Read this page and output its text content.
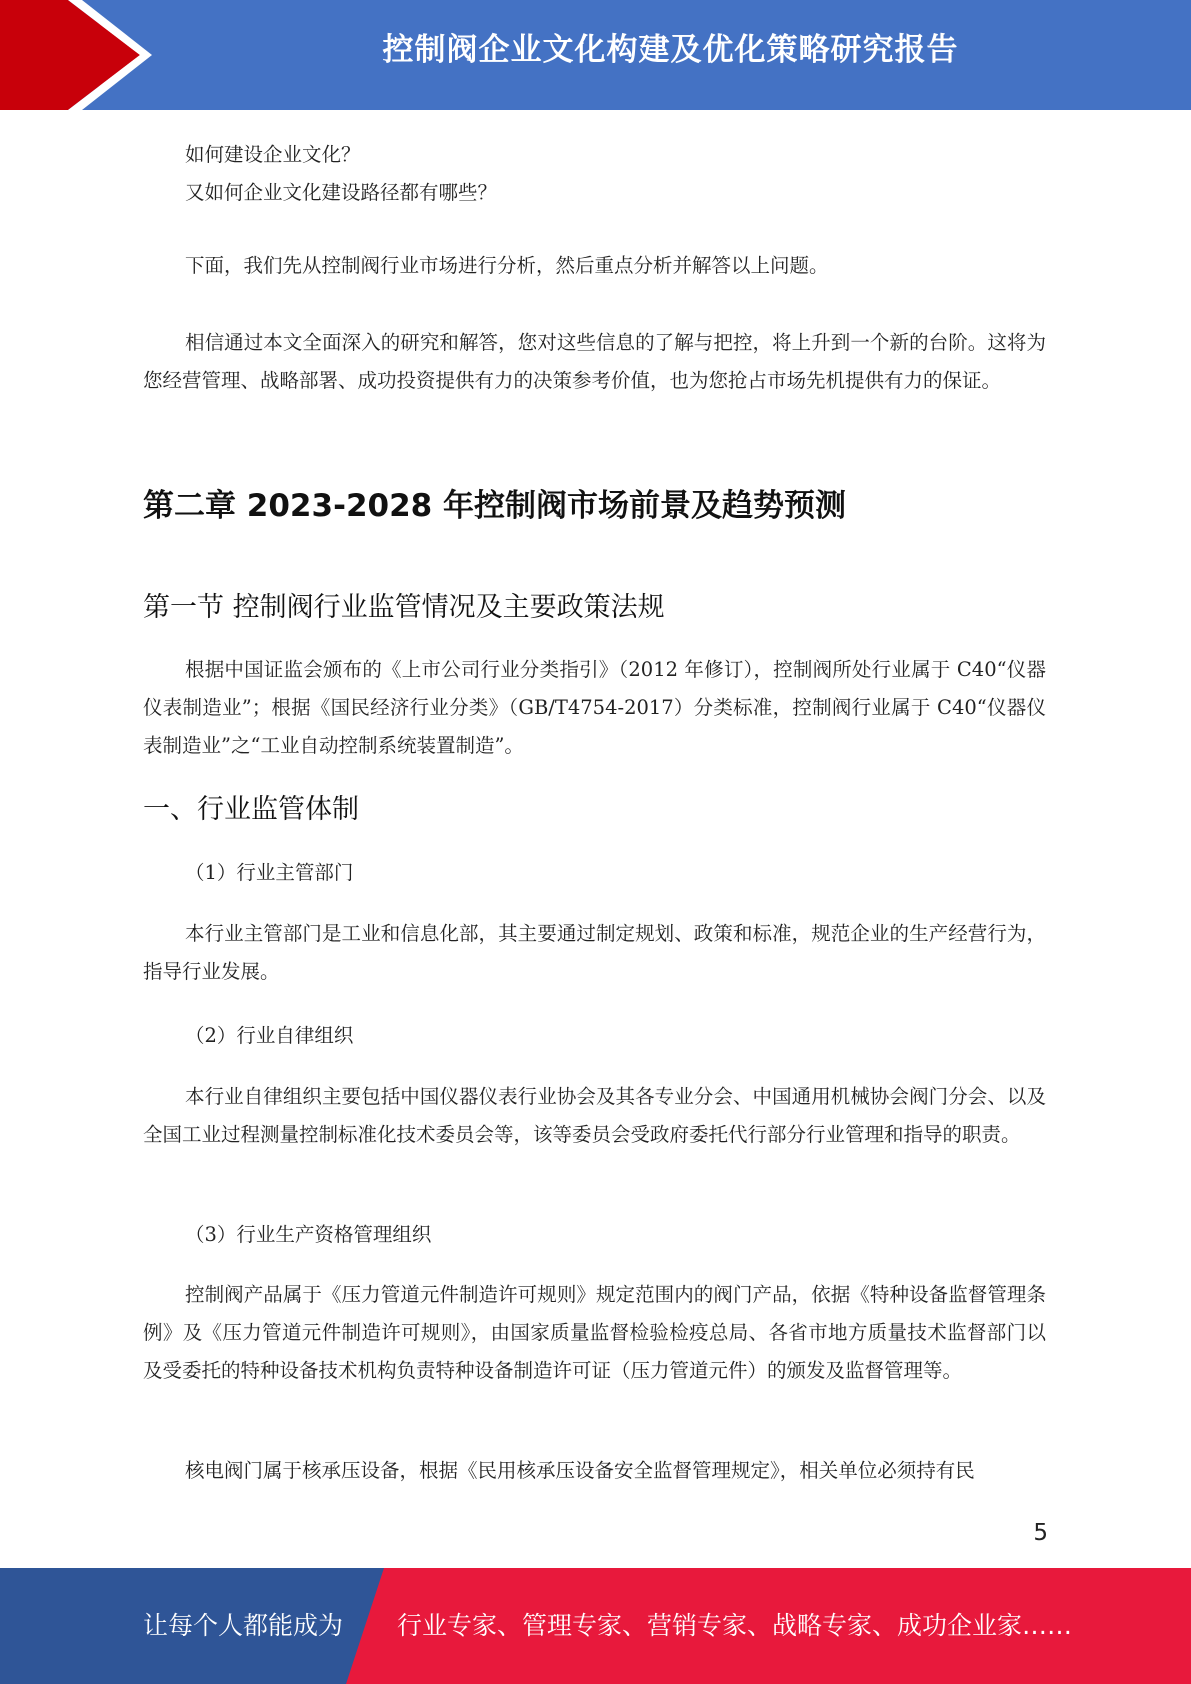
控制阀企业文化构建及优化策略研究报告
如何建设企业文化？
又如何企业文化建设路径都有哪些？
下面，我们先从控制阀行业市场进行分析，然后重点分析并解答以上问题。
相信通过本文全面深入的研究和解答，您对这些信息的了解与把控，将上升到一个新的台阶。这将为您经营管理、战略部署、成功投资提供有力的决策参考价值，也为您抢占市场先机提供有力的保证。
第二章 2023-2028 年控制阀市场前景及趋势预测
第一节 控制阀行业监管情况及主要政策法规
根据中国证监会颁布的《上市公司行业分类指引》（2012 年修订），控制阀所处行业属于 C40“仪器仪表制造业”；根据《国民经济行业分类》（GB/T4754-2017）分类标准，控制阀行业属于 C40“仪器仪表制造业”之“工业自动控制系统装置制造”。
一、行业监管体制
（1）行业主管部门
本行业主管部门是工业和信息化部，其主要通过制定规划、政策和标准，规范企业的生产经营行为，指导行业发展。
（2）行业自律组织
本行业自律组织主要包括中国仪器仪表行业协会及其各专业分会、中国通用机械协会阀门分会、以及全国工业过程测量控制标准化技术委员会等，该等委员会受政府委托代行部分行业管理和指导的职责。
（3）行业生产资格管理组织
控制阀产品属于《压力管道元件制造许可规则》规定范围内的阀门产品，依据《特种设备监督管理条例》及《压力管道元件制造许可规则》，由国家质量监督检验检疫总局、各省市地方质量技术监督部门以及受委托的特种设备技术机构负责特种设备制造许可证（压力管道元件）的颁发及监督管理等。
核电阀门属于核承压设备，根据《民用核承压设备安全监督管理规定》，相关单位必须持有民
5
让每个人都能成为 行业专家、管理专家、营销专家、战略专家、成功企业家……
